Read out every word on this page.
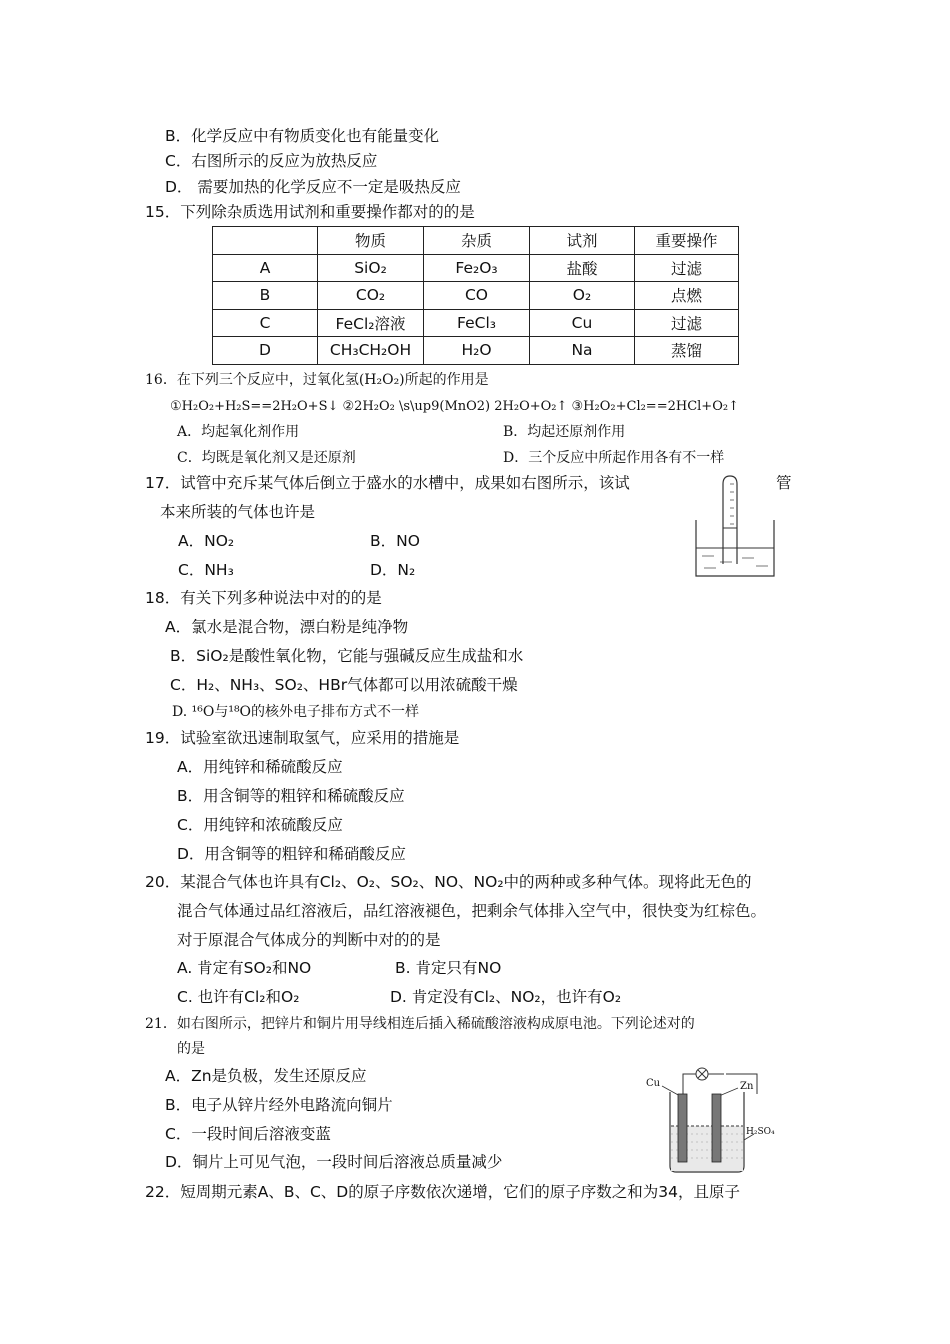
B．化学反应中有物质变化也有能量变化
C．右图所示的反应为放热反应
D． 需要加热的化学反应不一定是吸热反应
15．下列除杂质选用试剂和重要操作都对的的是
	物质	杂质	试剂	重要操作
A	SiO₂	Fe₂O₃	盐酸	过滤
B	CO₂	CO	O₂	点燃
C	FeCl₂溶液	FeCl₃	Cu	过滤
D	CH₃CH₂OH	H₂O	Na	蒸馏
16．在下列三个反应中，过氧化氢(H₂O₂)所起的作用是
①H₂O₂+H₂S==2H₂O+S↓ ②2H₂O₂ \s\up9(MnO2) 2H₂O+O₂↑ ③H₂O₂+Cl₂==2HCl+O₂↑
A．均起氧化剂作用	B．均起还原剂作用
C．均既是氧化剂又是还原剂	D．三个反应中所起作用各有不一样
17．试管中充斥某气体后倒立于盛水的水槽中，成果如右图所示，该试	管
本来所装的气体也许是
A．NO₂	B．NO
C．NH₃	D．N₂
18．有关下列多种说法中对的的是
A．氯水是混合物，漂白粉是纯净物
B．SiO₂是酸性氧化物，它能与强碱反应生成盐和水
C．H₂、NH₃、SO₂、HBr气体都可以用浓硫酸干燥
D. ¹⁶O与¹⁸O的核外电子排布方式不一样
19．试验室欲迅速制取氢气，应采用的措施是
A．用纯锌和稀硫酸反应
B．用含铜等的粗锌和稀硫酸反应
C．用纯锌和浓硫酸反应
D．用含铜等的粗锌和稀硝酸反应
20．某混合气体也许具有Cl₂、O₂、SO₂、NO、NO₂中的两种或多种气体。现将此无色的
混合气体通过品红溶液后，品红溶液褪色，把剩余气体排入空气中，很快变为红棕色。
对于原混合气体成分的判断中对的的是
A. 肯定有SO₂和NO	B. 肯定只有NO
C. 也许有Cl₂和O₂	D. 肯定没有Cl₂、NO₂，也许有O₂
21．如右图所示，把锌片和铜片用导线相连后插入稀硫酸溶液构成原电池。下列论述对的
的是
A．Zn是负极，发生还原反应
B．电子从锌片经外电路流向铜片
C．一段时间后溶液变蓝
D．铜片上可见气泡，一段时间后溶液总质量减少
Cu	Zn
H₂SO₄
⊗
22．短周期元素A、B、C、D的原子序数依次递增，它们的原子序数之和为34，且原子
